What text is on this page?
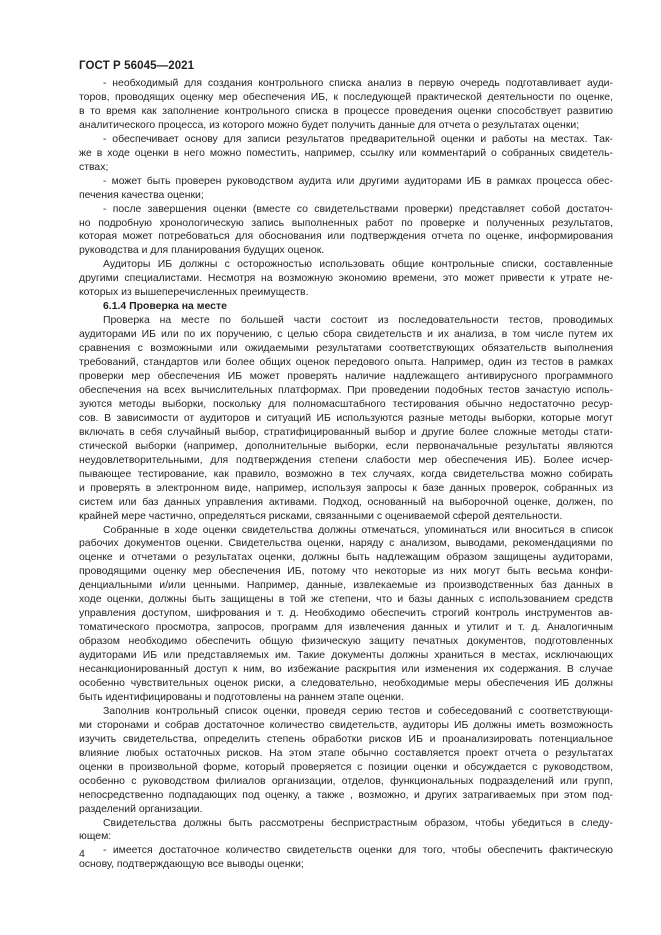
ГОСТ Р 56045—2021
- необходимый для создания контрольного списка анализ в первую очередь подготавливает ауди-
торов, проводящих оценку мер обеспечения ИБ, к последующей практической деятельности по оценке,
в то время как заполнение контрольного списка в процессе проведения оценки способствует развитию
аналитического процесса, из которого можно будет получить данные для отчета о результатах оценки;
- обеспечивает основу для записи результатов предварительной оценки и работы на местах. Так-
же в ходе оценки в него можно поместить, например, ссылку или комментарий о собранных свидетель-
ствах;
- может быть проверен руководством аудита или другими аудиторами ИБ в рамках процесса обес-
печения качества оценки;
- после завершения оценки (вместе со свидетельствами проверки) представляет собой достаточ-
но подробную хронологическую запись выполненных работ по проверке и полученных результатов,
которая может потребоваться для обоснования или подтверждения отчета по оценке, информирования
руководства и для планирования будущих оценок.
Аудиторы ИБ должны с осторожностью использовать общие контрольные списки, составленные
другими специалистами. Несмотря на возможную экономию времени, это может привести к утрате не-
которых из вышеперечисленных преимуществ.
6.1.4 Проверка на месте
Проверка на месте по большей части состоит из последовательности тестов, проводимых
аудиторами ИБ или по их поручению, с целью сбора свидетельств и их анализа, в том числе путем их
сравнения с возможными или ожидаемыми результатами соответствующих обязательств выполнения
требований, стандартов или более общих оценок передового опыта. Например, один из тестов в рамках
проверки мер обеспечения ИБ может проверять наличие надлежащего антивирусного программного
обеспечения на всех вычислительных платформах. При проведении подобных тестов зачастую исполь-
зуются методы выборки, поскольку для полномасштабного тестирования обычно недостаточно ресур-
сов. В зависимости от аудиторов и ситуаций ИБ используются разные методы выборки, которые могут
включать в себя случайный выбор, стратифицированный выбор и другие более сложные методы стати-
стической выборки (например, дополнительные выборки, если первоначальные результаты являются
неудовлетворительными, для подтверждения степени слабости мер обеспечения ИБ). Более исчер-
пывающее тестирование, как правило, возможно в тех случаях, когда свидетельства можно собирать
и проверять в электронном виде, например, используя запросы к базе данных проверок, собранных из
систем или баз данных управления активами. Подход, основанный на выборочной оценке, должен, по
крайней мере частично, определяться рисками, связанными с оцениваемой сферой деятельности.
Собранные в ходе оценки свидетельства должны отмечаться, упоминаться или вноситься в список
рабочих документов оценки. Свидетельства оценки, наряду с анализом, выводами, рекомендациями по
оценке и отчетами о результатах оценки, должны быть надлежащим образом защищены аудиторами,
проводящими оценку мер обеспечения ИБ, потому что некоторые из них могут быть весьма конфи-
денциальными и/или ценными. Например, данные, извлекаемые из производственных баз данных в
ходе оценки, должны быть защищены в той же степени, что и базы данных с использованием средств
управления доступом, шифрования и т. д. Необходимо обеспечить строгий контроль инструментов ав-
томатического просмотра, запросов, программ для извлечения данных и утилит и т. д. Аналогичным
образом необходимо обеспечить общую физическую защиту печатных документов, подготовленных
аудиторами ИБ или представляемых им. Такие документы должны храниться в местах, исключающих
несанкционированный доступ к ним, во избежание раскрытия или изменения их содержания. В случае
особенно чувствительных оценок риски, а следовательно, необходимые меры обеспечения ИБ должны
быть идентифицированы и подготовлены на раннем этапе оценки.
Заполнив контрольный список оценки, проведя серию тестов и собеседований с соответствующи-
ми сторонами и собрав достаточное количество свидетельств, аудиторы ИБ должны иметь возможность
изучить свидетельства, определить степень обработки рисков ИБ и проанализировать потенциальное
влияние любых остаточных рисков. На этом этапе обычно составляется проект отчета о результатах
оценки в произвольной форме, который проверяется с позиции оценки и обсуждается с руководством,
особенно с руководством филиалов организации, отделов, функциональных подразделений или групп,
непосредственно подпадающих под оценку, а также , возможно, и других затрагиваемых при этом под-
разделений организации.
Свидетельства должны быть рассмотрены беспристрастным образом, чтобы убедиться в следу-
ющем:
- имеется достаточное количество свидетельств оценки для того, чтобы обеспечить фактическую
основу, подтверждающую все выводы оценки;
4
